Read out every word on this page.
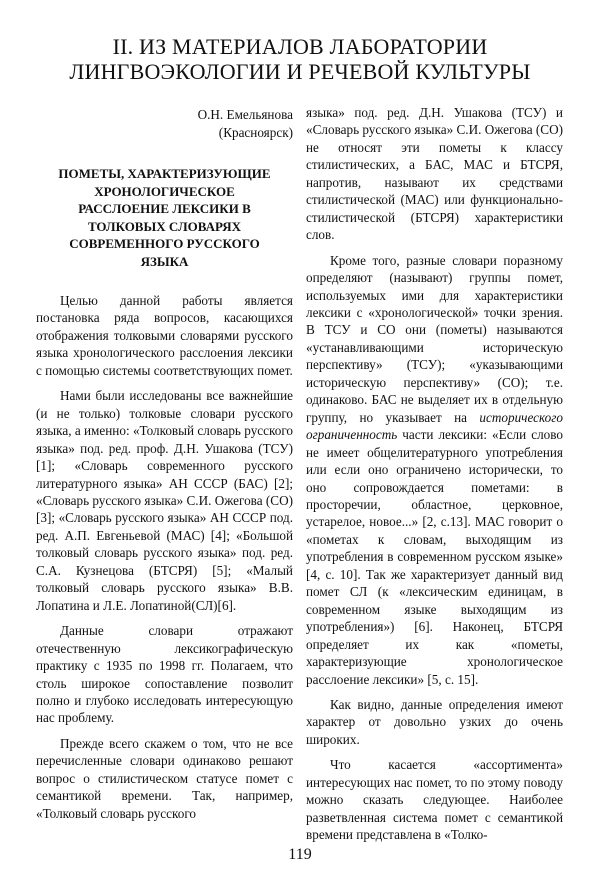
II. ИЗ МАТЕРИАЛОВ ЛАБОРАТОРИИ
ЛИНГВОЭКОЛОГИИ И РЕЧЕВОЙ КУЛЬТУРЫ
О.Н. Емельянова
(Красноярск)
ПОМЕТЫ, ХАРАКТЕРИЗУЮЩИЕ
ХРОНОЛОГИЧЕСКОЕ
РАССЛОЕНИЕ ЛЕКСИКИ В
ТОЛКОВЫХ СЛОВАРЯХ
СОВРЕМЕННОГО РУССКОГО
ЯЗЫКА

Целью данной работы является постановка ряда вопросов, касающихся отображения толковыми словарями русского языка хронологического расслоения лексики с помощью системы соответствующих помет.

Нами были исследованы все важнейшие (и не только) толковые словари русского языка, а именно: «Толковый словарь русского языка» под. ред. проф. Д.Н. Ушакова (ТСУ) [1]; «Словарь современного русского литературного языка» АН СССР (БАС) [2]; «Словарь русского языка» С.И. Ожегова (СО) [3]; «Словарь русского языка» АН СССР под. ред. А.П. Евгеньевой (МАС) [4]; «Большой толковый словарь русского языка» под. ред. С.А. Кузнецова (БТСРЯ) [5]; «Малый толковый словарь русского языка» В.В. Лопатина и Л.Е. Лопатиной(СЛ)[6].

Данные словари отражают отечественную лексикографическую практику с 1935 по 1998 гг. Полагаем, что столь широкое сопоставление позволит полно и глубоко исследовать интересующую нас проблему.

Прежде всего скажем о том, что не все перечисленные словари одинаково решают вопрос о стилистическом статусе помет с семантикой времени. Так, например, «Толковый словарь русского

языка» под. ред. Д.Н. Ушакова (ТСУ) и «Словарь русского языка» С.И. Ожегова (СО) не относят эти пометы к классу стилистических, а БАС, МАС и БТСРЯ, напротив, называют их средствами стилистической (МАС) или функционально-стилистической (БТСРЯ) характеристики слов.

Кроме того, разные словари поразному определяют (называют) группы помет, используемых ими для характеристики лексики с «хронологической» точки зрения. В ТСУ и СО они (пометы) называются «устанавливающими историческую перспективу» (ТСУ); «указывающими историческую перспективу» (СО); т.е. одинаково. БАС не выделяет их в отдельную группу, но указывает на исторического ограниченность части лексики: «Если слово не имеет общелитературного употребления или если оно ограничено исторически, то оно сопровождается пометами: в просторечии, областное, церковное, устарелое, новое...» [2, с.13]. МАС говорит о «пометах к словам, выходящим из употребления в современном русском языке» [4, с. 10]. Так же характеризует данный вид помет СЛ (к «лексическим единицам, в современном языке выходящим из употребления») [6]. Наконец, БТСРЯ определяет их как «пометы, характеризующие хронологическое расслоение лексики» [5, с. 15].

Как видно, данные определения имеют характер от довольно узких до очень широких.

Что касается «ассортимента» интересующих нас помет, то по этому поводу можно сказать следующее. Наиболее разветвленная система помет с семантикой времени представлена в «Толко-

119
